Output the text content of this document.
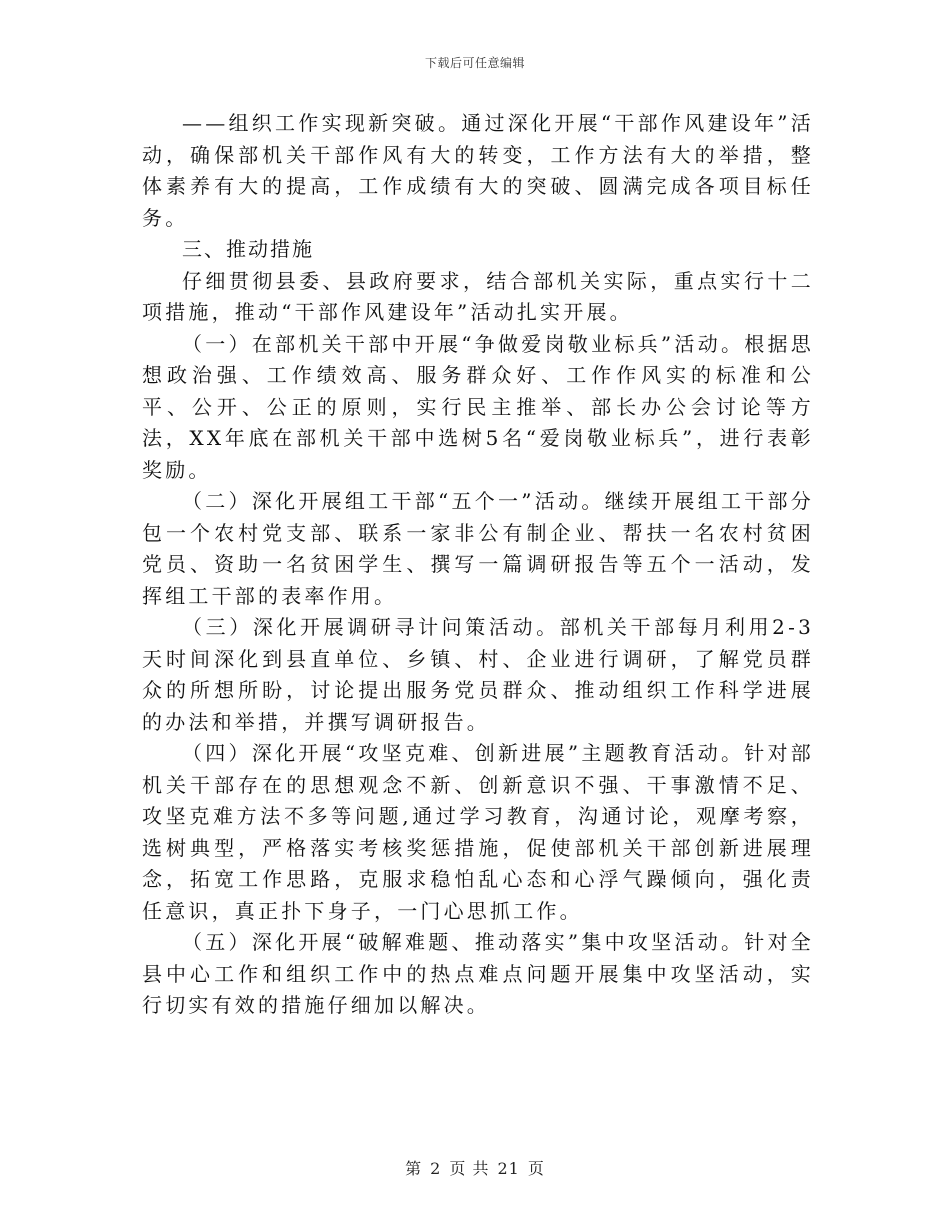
下载后可任意编辑

——组织工作实现新突破。通过深化开展“干部作风建设年”活动，确保部机关干部作风有大的转变，工作方法有大的举措，整体素养有大的提高，工作成绩有大的突破、圆满完成各项目标任务。

三、推动措施

仔细贯彻县委、县政府要求，结合部机关实际，重点实行十二项措施，推动“干部作风建设年”活动扎实开展。

（一）在部机关干部中开展“争做爱岗敬业标兵”活动。根据思想政治强、工作绩效高、服务群众好、工作作风实的标准和公平、公开、公正的原则，实行民主推举、部长办公会讨论等方法，XX年底在部机关干部中选树5名“爱岗敬业标兵”，进行表彰奖励。

（二）深化开展组工干部“五个一”活动。继续开展组工干部分包一个农村党支部、联系一家非公有制企业、帮扶一名农村贫困党员、资助一名贫困学生、撰写一篇调研报告等五个一活动，发挥组工干部的表率作用。

（三）深化开展调研寻计问策活动。部机关干部每月利用2-3天时间深化到县直单位、乡镇、村、企业进行调研，了解党员群众的所想所盼，讨论提出服务党员群众、推动组织工作科学进展的办法和举措，并撰写调研报告。

（四）深化开展“攻坚克难、创新进展”主题教育活动。针对部机关干部存在的思想观念不新、创新意识不强、干事激情不足、攻坚克难方法不多等问题,通过学习教育，沟通讨论，观摩考察，选树典型，严格落实考核奖惩措施，促使部机关干部创新进展理念，拓宽工作思路，克服求稳怕乱心态和心浮气躁倾向，强化责任意识，真正扑下身子，一门心思抓工作。

（五）深化开展“破解难题、推动落实”集中攻坚活动。针对全县中心工作和组织工作中的热点难点问题开展集中攻坚活动，实行切实有效的措施仔细加以解决。

第 2 页 共 21 页
